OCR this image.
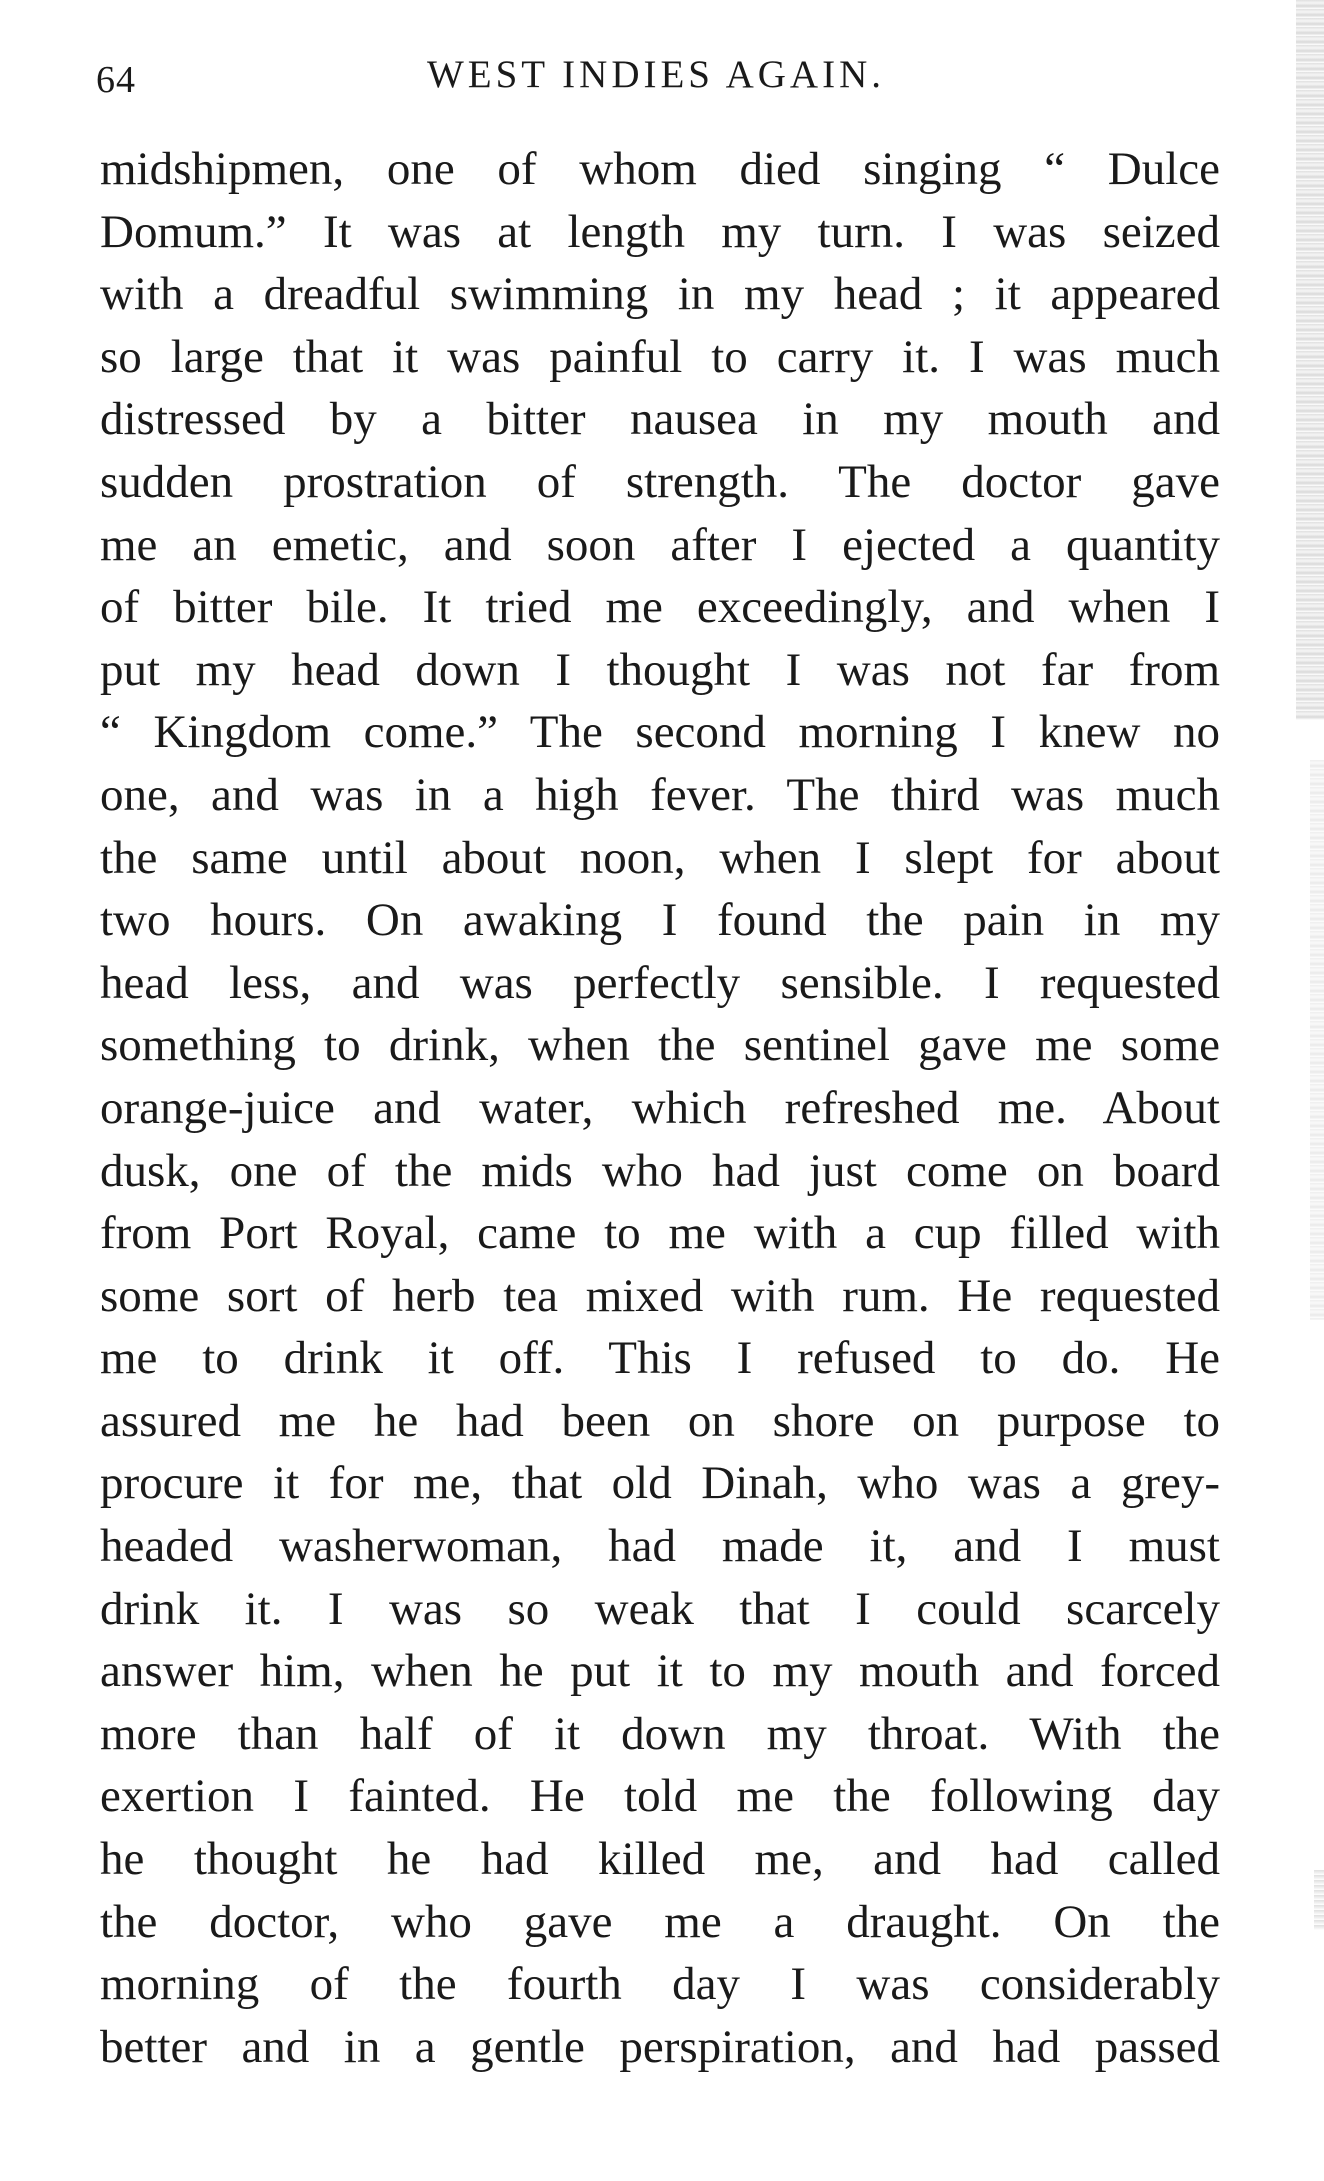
64	WEST INDIES AGAIN.
midshipmen, one of whom died singing “ Dulce
Domum.” It was at length my turn. I was seized
with a dreadful swimming in my head ; it appeared
so large that it was painful to carry it. I was much
distressed by a bitter nausea in my mouth and
sudden prostration of strength. The doctor gave
me an emetic, and soon after I ejected a quantity
of bitter bile. It tried me exceedingly, and when I
put my head down I thought I was not far from
“ Kingdom come.” The second morning I knew no
one, and was in a high fever. The third was much
the same until about noon, when I slept for about
two hours. On awaking I found the pain in my
head less, and was perfectly sensible. I requested
something to drink, when the sentinel gave me some
orange-juice and water, which refreshed me. About
dusk, one of the mids who had just come on board
from Port Royal, came to me with a cup filled with
some sort of herb tea mixed with rum. He requested
me to drink it off. This I refused to do. He
assured me he had been on shore on purpose to
procure it for me, that old Dinah, who was a grey-
headed washerwoman, had made it, and I must
drink it. I was so weak that I could scarcely
answer him, when he put it to my mouth and forced
more than half of it down my throat. With the
exertion I fainted. He told me the following day
he thought he had killed me, and had called
the doctor, who gave me a draught. On the
morning of the fourth day I was considerably
better and in a gentle perspiration, and had passed
